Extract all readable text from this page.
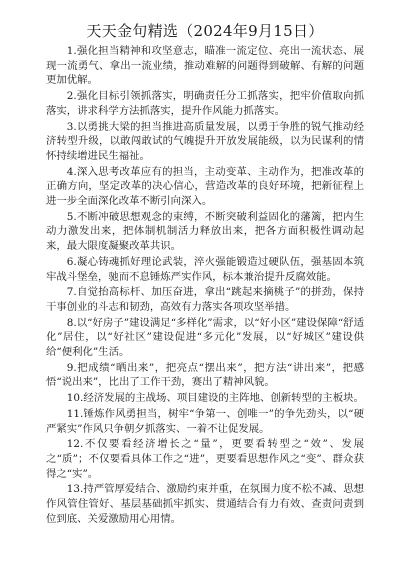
天天金句精选（2024年9月15日）

1.强化担当精神和攻坚意志，瞄准一流定位、亮出一流状态、展现一流勇气、拿出一流业绩，推动难解的问题得到破解、有解的问题更加优解。

2.强化目标引领抓落实，明确责任分工抓落实，把牢价值取向抓落实，讲求科学方法抓落实，提升作风能力抓落实。

3.以勇挑大梁的担当推进高质量发展，以勇于争胜的锐气推动经济转型升级，以敢闯敢试的气魄提升开放发展能级，以为民谋利的情怀持续增进民生福祉。

4.深入思考改革应有的担当，主动变革、主动作为，把准改革的正确方向，坚定改革的决心信心，营造改革的良好环境，把新征程上进一步全面深化改革不断引向深入。

5.不断冲破思想观念的束缚，不断突破利益固化的藩篱，把内生动力激发出来，把体制机制活力释放出来，把各方面积极性调动起来，最大限度凝聚改革共识。

6.凝心铸魂抓好理论武装，淬火强能锻造过硬队伍，强基固本筑牢战斗堡垒，驰而不息锤炼严实作风，标本兼治提升反腐效能。

7.自觉抬高标杆、加压奋进，拿出“跳起来摘桃子”的拼劲，保持干事创业的斗志和韧劲，高效有力落实各项攻坚举措。

8.以“好房子”建设满足“多样化”需求，以“好小区”建设保障“舒适化”居住，以“好社区”建设促进“多元化”发展，以“好城区”建设供给“便利化”生活。

9.把成绩“晒出来”，把亮点“摆出来”，把方法“讲出来”，把感悟“说出来”，比出了工作干劲，赛出了精神风貌。

10.经济发展的主战场、项目建设的主阵地、创新转型的主板块。

11.锤炼作风勇担当，树牢“争第一、创唯一”的争先劲头，以“硬严紧实”作风只争朝夕抓落实、一着不让促发展。

12.不仅要看经济增长之“量”，更要看转型之“效”、发展之“质”；不仅要看具体工作之“进”，更要看思想作风之“变”、群众获得之“实”。

13.持严管厚爱结合、激励约束并重，在氛围力度不松不减、思想作风管住管好、基层基础抓牢抓实、贯通结合有力有效、查责问责到位到底、关爱激励用心用情。
